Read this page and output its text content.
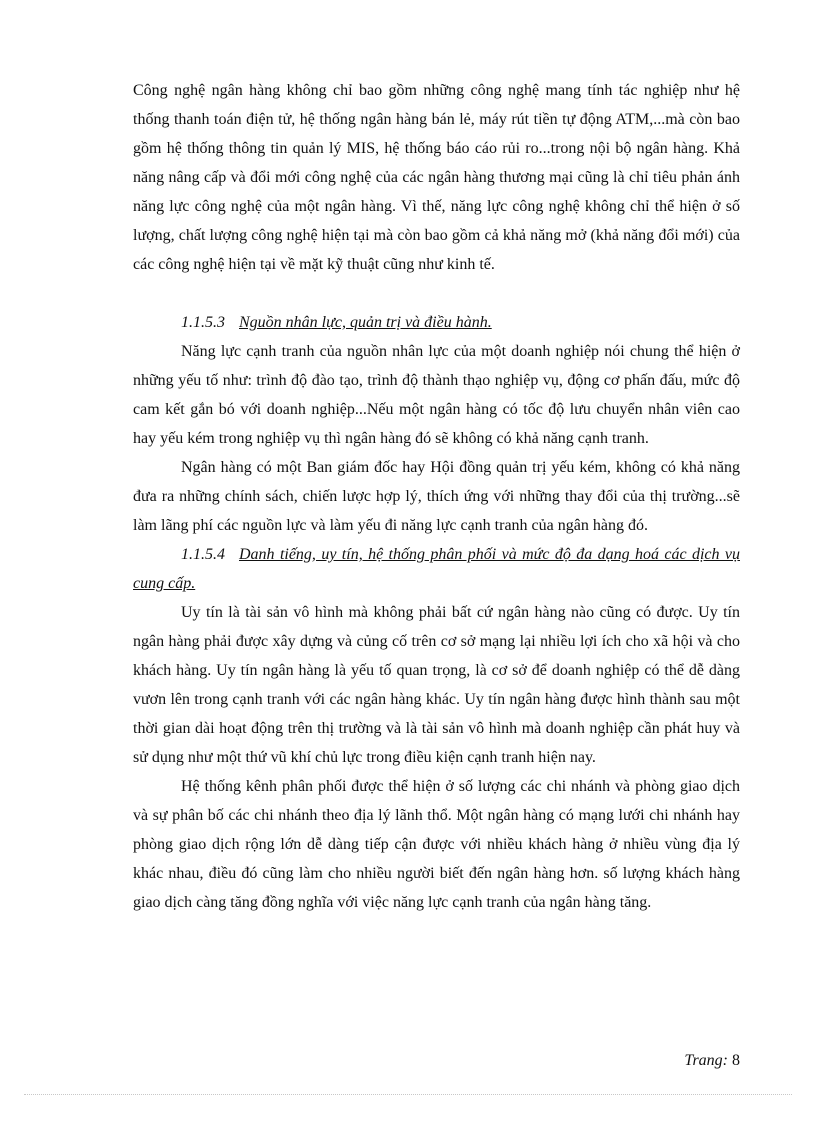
Công nghệ ngân hàng không chỉ bao gồm những công nghệ mang tính tác nghiệp như hệ thống thanh toán điện tử, hệ thống ngân hàng bán lẻ, máy rút tiền tự động ATM,...mà còn bao gồm hệ thống thông tin quản lý MIS, hệ thống báo cáo rủi ro...trong nội bộ ngân hàng. Khả năng nâng cấp và đổi mới công nghệ của các ngân hàng thương mại cũng là chỉ tiêu phản ánh năng lực công nghệ của một ngân hàng. Vì thế, năng lực công nghệ không chỉ thể hiện ở số lượng, chất lượng công nghệ hiện tại mà còn bao gồm cả khả năng mở (khả năng đổi mới) của các công nghệ hiện tại về mặt kỹ thuật cũng như kinh tế.

1.1.5.3 Nguồn nhân lực, quản trị và điều hành.

Năng lực cạnh tranh của nguồn nhân lực của một doanh nghiệp nói chung thể hiện ở những yếu tố như: trình độ đào tạo, trình độ thành thạo nghiệp vụ, động cơ phấn đấu, mức độ cam kết gắn bó với doanh nghiệp...Nếu một ngân hàng có tốc độ lưu chuyển nhân viên cao hay yếu kém trong nghiệp vụ thì ngân hàng đó sẽ không có khả năng cạnh tranh.

Ngân hàng có một Ban giám đốc hay Hội đồng quản trị yếu kém, không có khả năng đưa ra những chính sách, chiến lược hợp lý, thích ứng với những thay đổi của thị trường...sẽ làm lãng phí các nguồn lực và làm yếu đi năng lực cạnh tranh của ngân hàng đó.

1.1.5.4 Danh tiếng, uy tín, hệ thống phân phối và mức độ đa dạng hoá các dịch vụ cung cấp.

Uy tín là tài sản vô hình mà không phải bất cứ ngân hàng nào cũng có được. Uy tín ngân hàng phải được xây dựng và củng cố trên cơ sở mạng lại nhiều lợi ích cho xã hội và cho khách hàng. Uy tín ngân hàng là yếu tố quan trọng, là cơ sở để doanh nghiệp có thể dễ dàng vươn lên trong cạnh tranh với các ngân hàng khác. Uy tín ngân hàng được hình thành sau một thời gian dài hoạt động trên thị trường và là tài sản vô hình mà doanh nghiệp cần phát huy và sử dụng như một thứ vũ khí chủ lực trong điều kiện cạnh tranh hiện nay.

Hệ thống kênh phân phối được thể hiện ở số lượng các chi nhánh và phòng giao dịch và sự phân bố các chi nhánh theo địa lý lãnh thổ. Một ngân hàng có mạng lưới chi nhánh hay phòng giao dịch rộng lớn dễ dàng tiếp cận được với nhiều khách hàng ở nhiều vùng địa lý khác nhau, điều đó cũng làm cho nhiều người biết đến ngân hàng hơn. số lượng khách hàng giao dịch càng tăng đồng nghĩa với việc năng lực cạnh tranh của ngân hàng tăng.

Trang: 8
